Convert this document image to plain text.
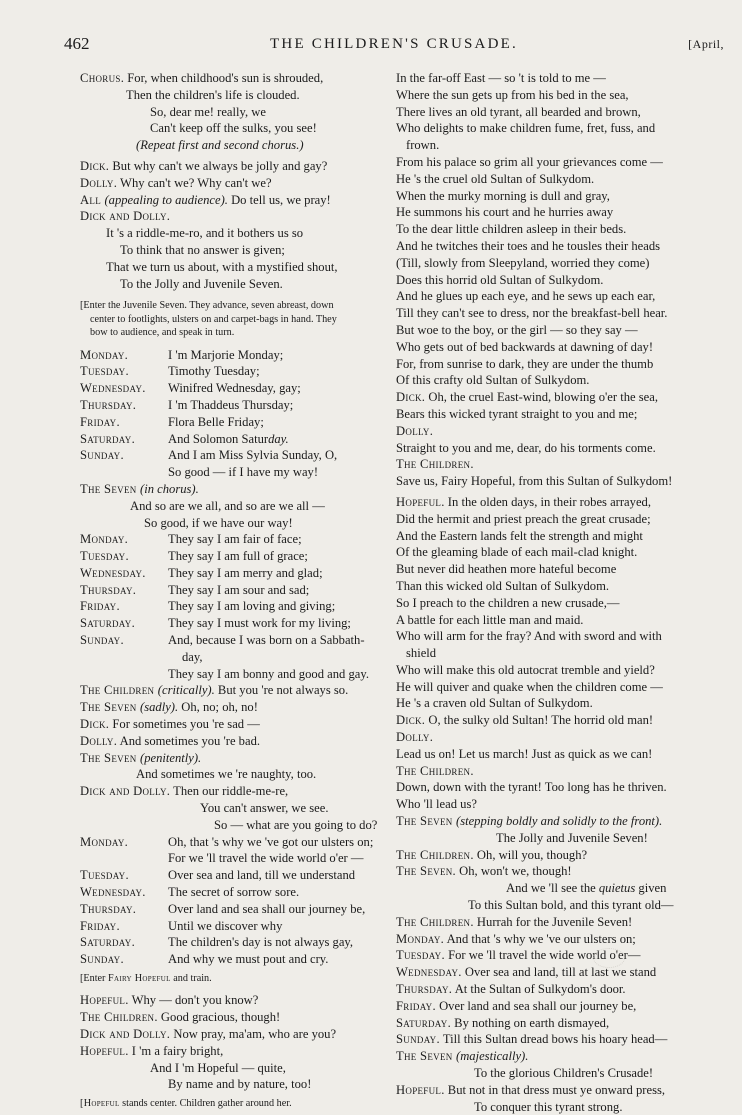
462	THE CHILDREN'S CRUSADE.	[April,
Chorus. For, when childhood's sun is shrouded,
Then the children's life is clouded.
So, dear me! really, we
Can't keep off the sulks, you see!
(Repeat first and second chorus.)
Dick. But why can't we always be jolly and gay?
Dolly. Why can't we? Why can't we?
All (appealing to audience). Do tell us, we pray!
Dick and Dolly.
It 's a riddle-me-ro, and it bothers us so
To think that no answer is given;
That we turn us about, with a mystified shout,
To the Jolly and Juvenile Seven.
[Enter the Juvenile Seven. They advance, seven abreast, down
center to footlights, ulsters on and carpet-bags in hand. They
bow to audience, and speak in turn.
Monday.	I 'm Marjorie Monday;
Tuesday.	Timothy Tuesday;
Wednesday. Winifred Wednesday, gay;
Thursday.	I 'm Thaddeus Thursday;
Friday.	Flora Belle Friday;
Saturday.	And Solomon Saturday.
Sunday.	And I am Miss Sylvia Sunday, O,
So good — if I have my way!
The Seven (in chorus).
And so are we all, and so are we all —
So good, if we have our way!
Monday.	They say I am fair of face;
Tuesday.	They say I am full of grace;
Wednesday. They say I am merry and glad;
Thursday.	They say I am sour and sad;
Friday.	They say I am loving and giving;
Saturday.	They say I must work for my living;
Sunday.	And, because I was born on a Sabbath-
day,
They say I am bonny and good and gay.
The Children (critically). But you 're not always so.
The Seven (sadly). Oh, no; oh, no!
Dick. For sometimes you 're sad —
Dolly. And sometimes you 're bad.
The Seven (penitently).
And sometimes we 're naughty, too.
Dick and Dolly. Then our riddle-me-re,
You can't answer, we see.
So — what are you going to do?
Monday.	Oh, that 's why we 've got our ulsters on;
For we 'll travel the wide world o'er —
Tuesday.	Over sea and land, till we understand
Wednesday. The secret of sorrow sore.
Thursday.	Over land and sea shall our journey be,
Friday.	Until we discover why
Saturday.	The children's day is not always gay,
Sunday.	And why we must pout and cry.
[Enter Fairy Hopeful and train.
Hopeful. Why — don't you know?
The Children. Good gracious, though!
Dick and Dolly. Now pray, ma'am, who are you?
Hopeful. I 'm a fairy bright,
And I 'm Hopeful — quite,
By name and by nature, too!
[Hopeful stands center. Children gather around her.
In the far-off East — so 't is told to me —
Where the sun gets up from his bed in the sea,
There lives an old tyrant, all bearded and brown,
Who delights to make children fume, fret, fuss, and
frown.
From his palace so grim all your grievances come —
He 's the cruel old Sultan of Sulkydom.
When the murky morning is dull and gray,
He summons his court and he hurries away
To the dear little children asleep in their beds.
And he twitches their toes and he tousles their heads
(Till, slowly from Sleepyland, worried they come)
Does this horrid old Sultan of Sulkydom.
And he glues up each eye, and he sews up each ear,
Till they can't see to dress, nor the breakfast-bell hear.
But woe to the boy, or the girl — so they say —
Who gets out of bed backwards at dawning of day!
For, from sunrise to dark, they are under the thumb
Of this crafty old Sultan of Sulkydom.
Dick. Oh, the cruel East-wind, blowing o'er the sea,
Bears this wicked tyrant straight to you and me;
Dolly.
Straight to you and me, dear, do his torments come.
The Children.
Save us, Fairy Hopeful, from this Sultan of Sulkydom!
Hopeful. In the olden days, in their robes arrayed,
Did the hermit and priest preach the great crusade;
And the Eastern lands felt the strength and might
Of the gleaming blade of each mail-clad knight.
But never did heathen more hateful become
Than this wicked old Sultan of Sulkydom.
So I preach to the children a new crusade,—
A battle for each little man and maid.
Who will arm for the fray? And with sword and with
shield
Who will make this old autocrat tremble and yield?
He will quiver and quake when the children come —
He 's a craven old Sultan of Sulkydom.
Dick. O, the sulky old Sultan! The horrid old man!
Dolly.
Lead us on! Let us march! Just as quick as we can!
The Children.
Down, down with the tyrant! Too long has he thriven.
Who 'll lead us?
The Seven (stepping boldly and solidly to the front).
The Jolly and Juvenile Seven!
The Children. Oh, will you, though?
The Seven. Oh, won't we, though!
And we 'll see the quietus given
To this Sultan bold, and this tyrant old—
The Children. Hurrah for the Juvenile Seven!
Monday. And that 's why we 've our ulsters on;
Tuesday. For we 'll travel the wide world o'er—
Wednesday. Over sea and land, till at last we stand
Thursday. At the Sultan of Sulkydom's door.
Friday. Over land and sea shall our journey be,
Saturday. By nothing on earth dismayed,
Sunday. Till this Sultan dread bows his hoary head—
The Seven (majestically).
To the glorious Children's Crusade!
Hopeful. But not in that dress must ye onward press,
To conquer this tyrant strong.
